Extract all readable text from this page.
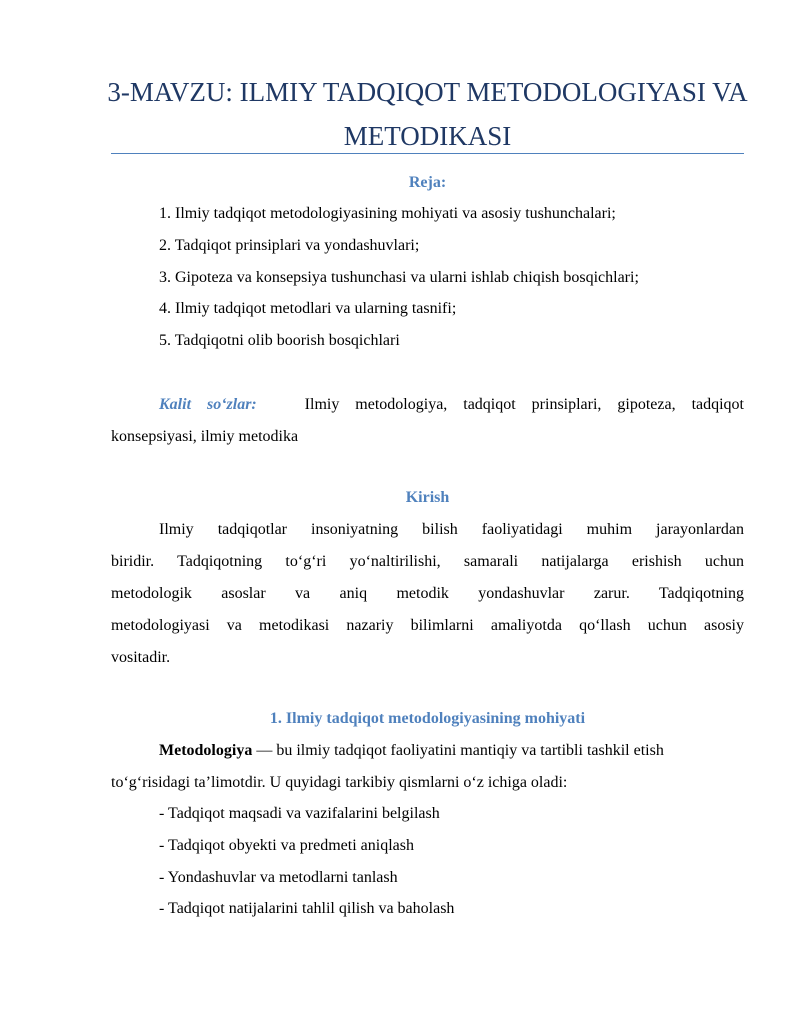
3-MAVZU: ILMIY TADQIQOT METODOLOGIYASI VA
METODIKASI
Reja:

1. Ilmiy tadqiqot metodologiyasining mohiyati va asosiy tushunchalari;

2. Tadqiqot prinsiplari va yondashuvlari;

3. Gipoteza va konsepsiya tushunchasi va ularni ishlab chiqish bosqichlari;

4. Ilmiy tadqiqot metodlari va ularning tasnifi;

5. Tadqiqotni olib boorish bosqichlari

Kalit so‘zlar:	Ilmiy metodologiya, tadqiqot prinsiplari, gipoteza, tadqiqot

konsepsiyasi, ilmiy metodika

Kirish

Ilmiy tadqiqotlar insoniyatning bilish faoliyatidagi muhim jarayonlardan

biridir. Tadqiqotning to‘g‘ri yo‘naltirilishi, samarali natijalarga erishish uchun

metodologik asoslar va aniq metodik yondashuvlar zarur. Tadqiqotning

metodologiyasi va metodikasi nazariy bilimlarni amaliyotda qo‘llash uchun asosiy

vositadir.

1. Ilmiy tadqiqot metodologiyasining mohiyati

Metodologiya — bu ilmiy tadqiqot faoliyatini mantiqiy va tartibli tashkil etish

to‘g‘risidagi ta’limotdir. U quyidagi tarkibiy qismlarni o‘z ichiga oladi:

- Tadqiqot maqsadi va vazifalarini belgilash

- Tadqiqot obyekti va predmeti aniqlash

- Yondashuvlar va metodlarni tanlash

- Tadqiqot natijalarini tahlil qilish va baholash
